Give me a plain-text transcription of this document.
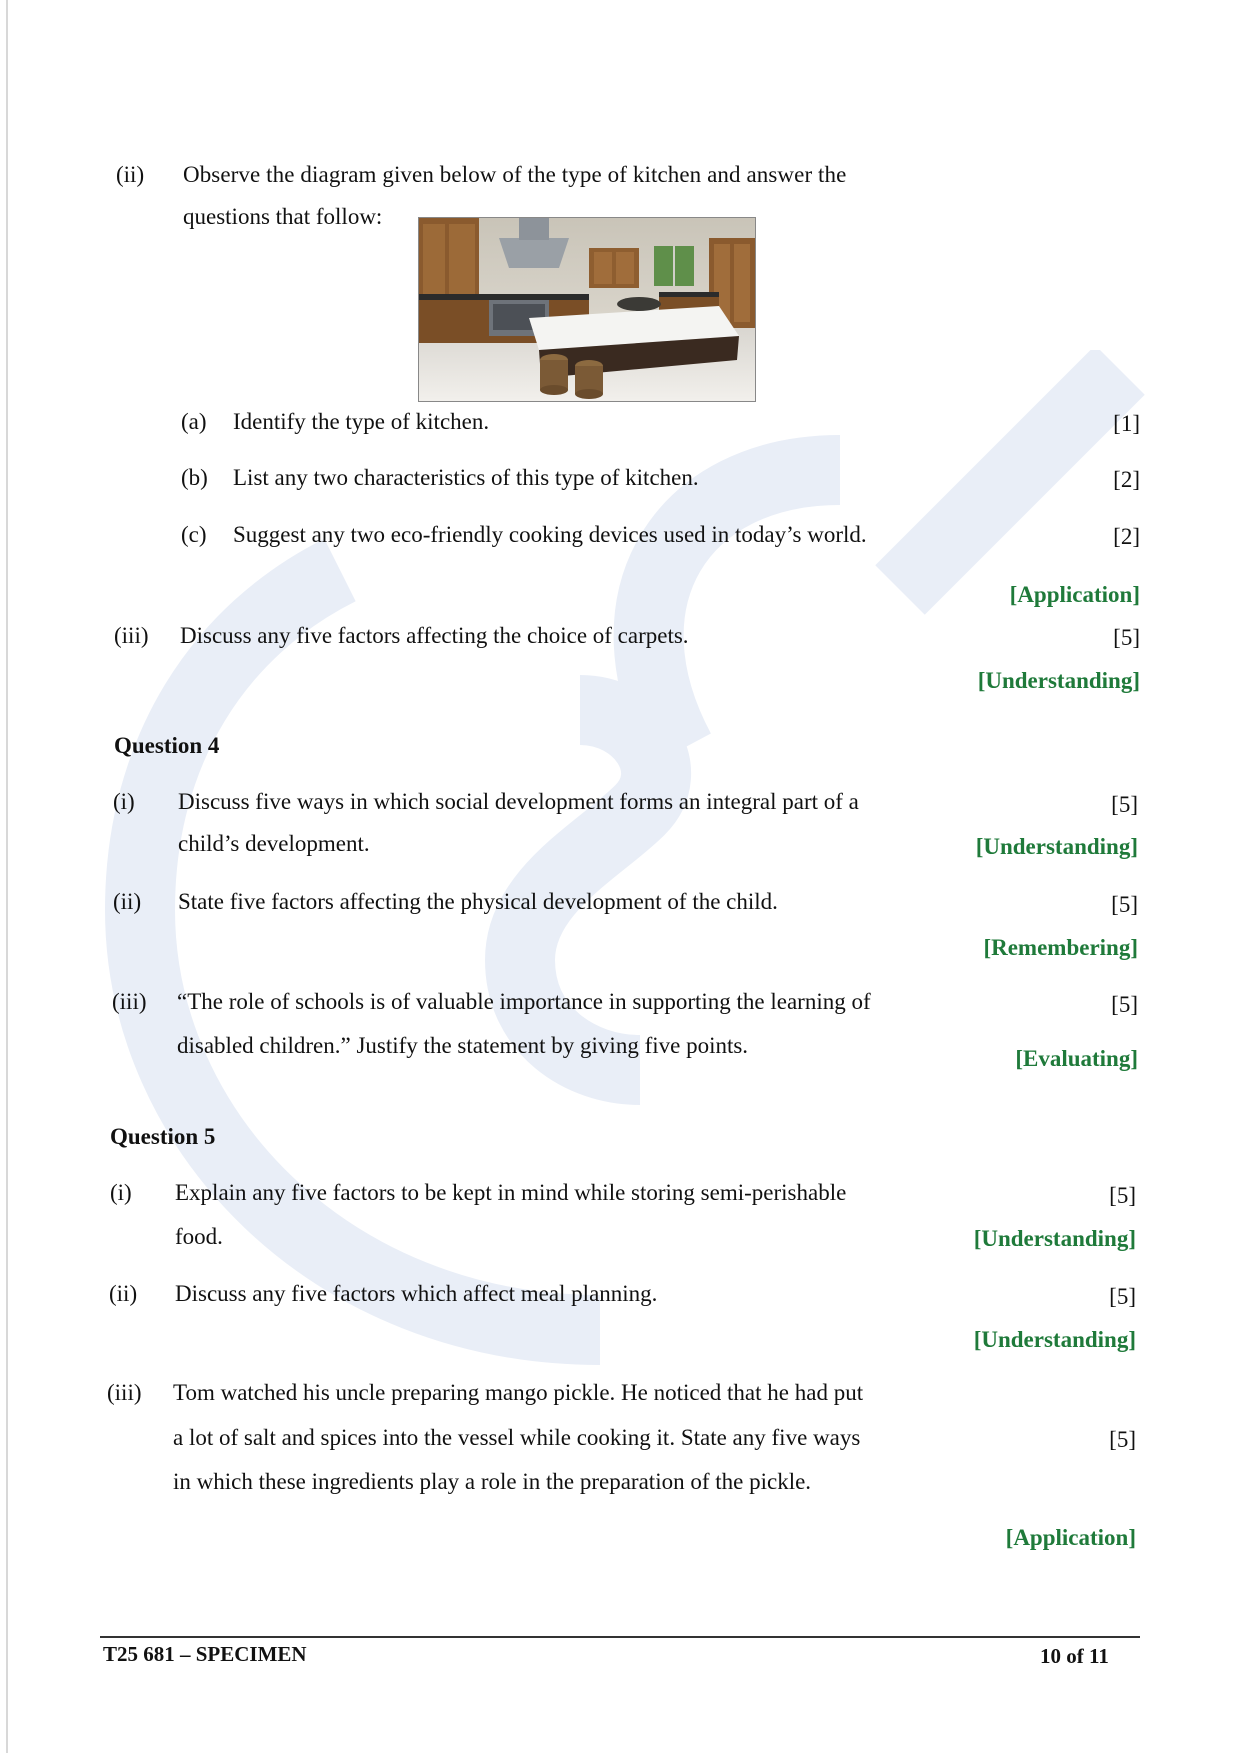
(ii) Observe the diagram given below of the type of kitchen and answer the
questions that follow:
(a) Identify the type of kitchen.	[1]
(b) List any two characteristics of this type of kitchen.	[2]
(c) Suggest any two eco-friendly cooking devices used in today’s world.	[2]
[Application]
(iii) Discuss any five factors affecting the choice of carpets.	[5]
[Understanding]
Question 4
(i) Discuss five ways in which social development forms an integral part of a
child’s development.
[5]
[Understanding]
(ii) State five factors affecting the physical development of the child.	[5]
[Remembering]
(iii) “The role of schools is of valuable importance in supporting the learning of
disabled children.” Justify the statement by giving five points.
[5]
[Evaluating]
Question 5
(i) Explain any five factors to be kept in mind while storing semi-perishable
food.
[5]
[Understanding]
(ii) Discuss any five factors which affect meal planning.	[5]
[Understanding]
(iii) Tom watched his uncle preparing mango pickle. He noticed that he had put
a lot of salt and spices into the vessel while cooking it. State any five ways
in which these ingredients play a role in the preparation of the pickle.
[5]
[Application]
T25 681 – SPECIMEN	10 of 11
